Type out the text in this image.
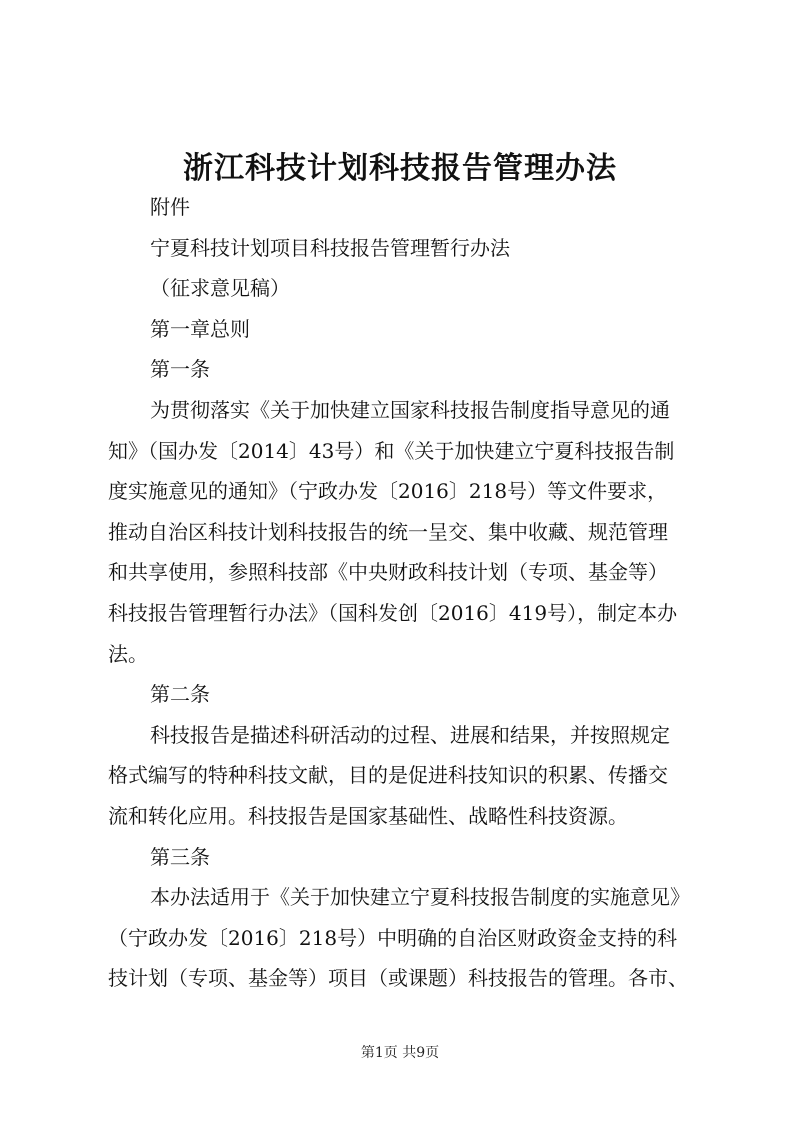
浙江科技计划科技报告管理办法
附件
宁夏科技计划项目科技报告管理暂行办法
（征求意见稿）
第一章总则
第一条
为贯彻落实《关于加快建立国家科技报告制度指导意见的通
知》（国办发〔2014〕43号）和《关于加快建立宁夏科技报告制
度实施意见的通知》（宁政办发〔2016〕218号）等文件要求，
推动自治区科技计划科技报告的统一呈交、集中收藏、规范管理
和共享使用，参照科技部《中央财政科技计划（专项、基金等）
科技报告管理暂行办法》（国科发创〔2016〕419号），制定本办
法。
第二条
科技报告是描述科研活动的过程、进展和结果，并按照规定
格式编写的特种科技文献，目的是促进科技知识的积累、传播交
流和转化应用。科技报告是国家基础性、战略性科技资源。
第三条
本办法适用于《关于加快建立宁夏科技报告制度的实施意见》
（宁政办发〔2016〕218号）中明确的自治区财政资金支持的科
技计划（专项、基金等）项目（或课题）科技报告的管理。各市、
第1页 共9页
